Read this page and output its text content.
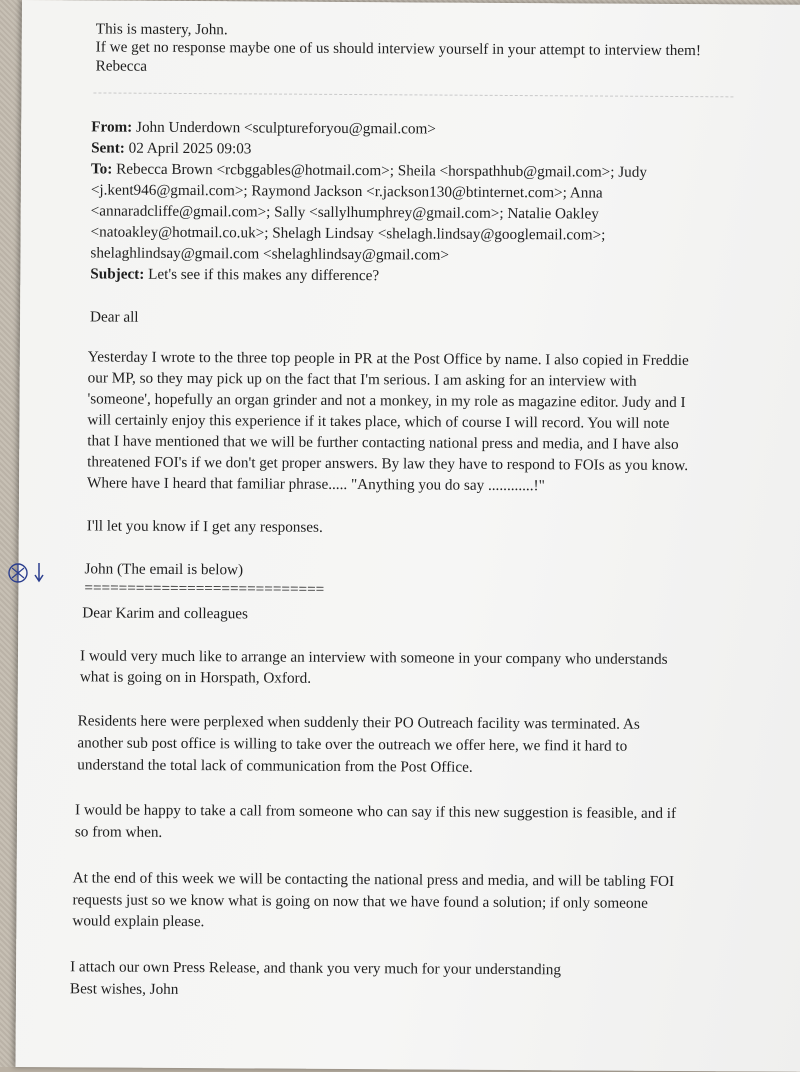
This is mastery, John.
If we get no response maybe one of us should interview yourself in your attempt to interview them!
Rebecca
From: John Underdown <sculptureforyou@gmail.com>
Sent: 02 April 2025 09:03
To: Rebecca Brown <rcbggables@hotmail.com>; Sheila <horspathhub@gmail.com>; Judy
<j.kent946@gmail.com>; Raymond Jackson <r.jackson130@btinternet.com>; Anna
<annaradcliffe@gmail.com>; Sally <sallylhumphrey@gmail.com>; Natalie Oakley
<natoakley@hotmail.co.uk>; Shelagh Lindsay <shelagh.lindsay@googlemail.com>;
shelaghlindsay@gmail.com <shelaghlindsay@gmail.com>
Subject: Let's see if this makes any difference?
Dear all
Yesterday I wrote to the three top people in PR at the Post Office by name. I also copied in Freddie
our MP, so they may pick up on the fact that I'm serious. I am asking for an interview with
'someone', hopefully an organ grinder and not a monkey, in my role as magazine editor. Judy and I
will certainly enjoy this experience if it takes place, which of course I will record. You will note
that I have mentioned that we will be further contacting national press and media, and I have also
threatened FOI's if we don't get proper answers. By law they have to respond to FOIs as you know.
Where have I heard that familiar phrase..... "Anything you do say ............!"
I'll let you know if I get any responses.
John (The email is below)
============================
Dear Karim and colleagues
I would very much like to arrange an interview with someone in your company who understands
what is going on in Horspath, Oxford.
Residents here were perplexed when suddenly their PO Outreach facility was terminated. As
another sub post office is willing to take over the outreach we offer here, we find it hard to
understand the total lack of communication from the Post Office.
I would be happy to take a call from someone who can say if this new suggestion is feasible, and if
so from when.
At the end of this week we will be contacting the national press and media, and will be tabling FOI
requests just so we know what is going on now that we have found a solution; if only someone
would explain please.
I attach our own Press Release, and thank you very much for your understanding
Best wishes, John
